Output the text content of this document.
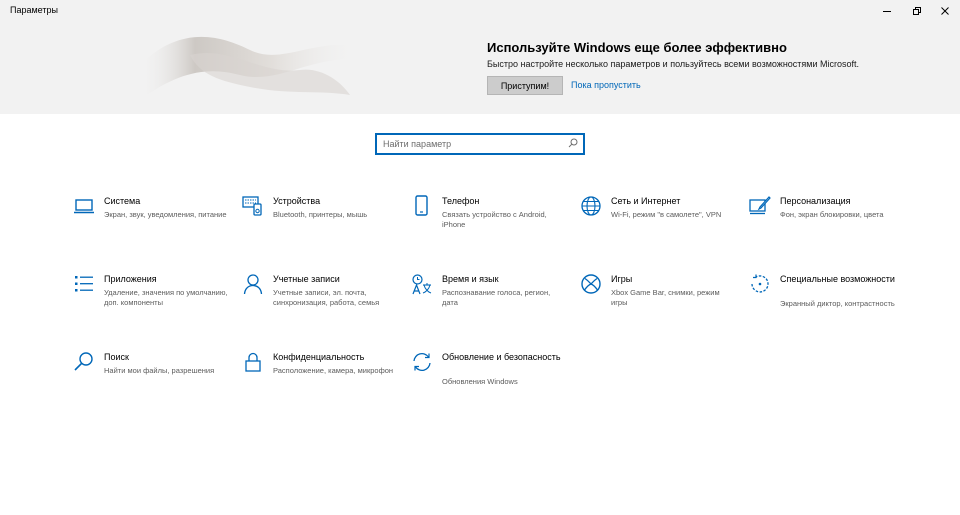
Параметры
Используйте Windows еще более эффективно
Быстро настройте несколько параметров и пользуйтесь всеми возможностями Microsoft.
Приступим!	Пока пропустить
Найти параметр
Система
Экран, звук, уведомления, питание
Устройства
Bluetooth, принтеры, мышь
Телефон
Связать устройство с Android, iPhone
Сеть и Интернет
Wi-Fi, режим "в самолете", VPN
Персонализация
Фон, экран блокировки, цвета
Приложения
Удаление, значения по умолчанию, доп. компоненты
Учетные записи
Учетные записи, эл. почта, синхронизация, работа, семья
Время и язык
Распознавание голоса, регион, дата
Игры
Xbox Game Bar, снимки, режим игры
Специальные возможности
Экранный диктор, контрастность
Поиск
Найти мои файлы, разрешения
Конфиденциальность
Расположение, камера, микрофон
Обновление и безопасность
Обновления Windows
